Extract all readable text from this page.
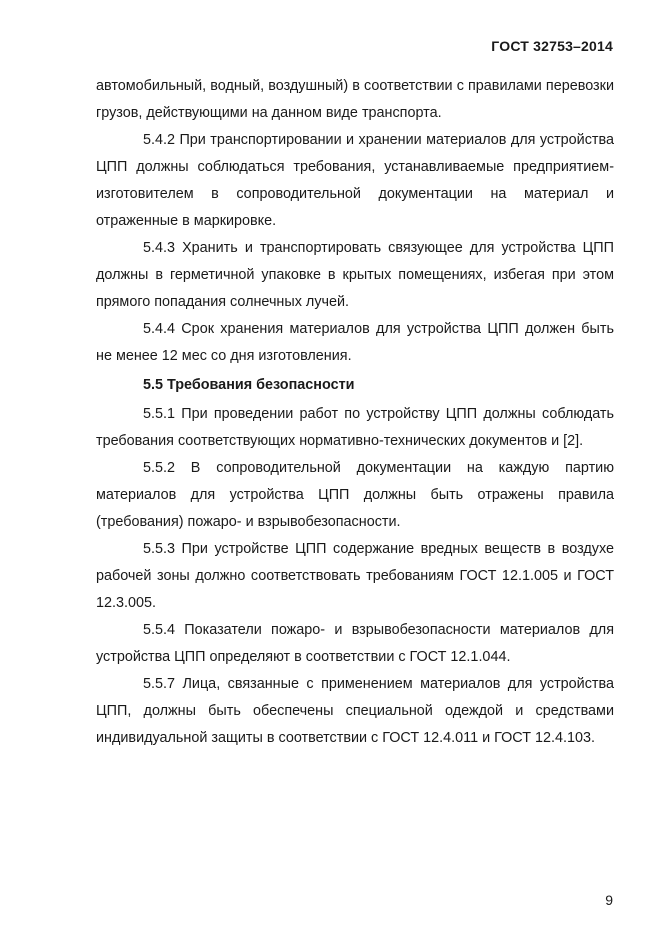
ГОСТ 32753–2014

автомобильный, водный, воздушный) в соответствии с правилами перевозки грузов, действующими на данном виде транспорта.

5.4.2 При транспортировании и хранении материалов для устройства ЦПП должны соблюдаться требования, устанавливаемые предприятием-изготовителем в сопроводительной документации на материал и отраженные в маркировке.

5.4.3 Хранить и транспортировать связующее для устройства ЦПП должны в герметичной упаковке в крытых помещениях, избегая при этом прямого попадания солнечных лучей.

5.4.4 Срок хранения материалов для устройства ЦПП должен быть не менее 12 мес со дня изготовления.

5.5 Требования безопасности

5.5.1 При проведении работ по устройству ЦПП должны соблюдать требования соответствующих нормативно-технических документов и [2].

5.5.2 В сопроводительной документации на каждую партию материалов для устройства ЦПП должны быть отражены правила (требования) пожаро- и взрывобезопасности.

5.5.3 При устройстве ЦПП содержание вредных веществ в воздухе рабочей зоны должно соответствовать требованиям ГОСТ 12.1.005 и ГОСТ 12.3.005.

5.5.4 Показатели пожаро- и взрывобезопасности материалов для устройства ЦПП определяют в соответствии с ГОСТ 12.1.044.

5.5.7 Лица, связанные с применением материалов для устройства ЦПП, должны быть обеспечены специальной одеждой и средствами индивидуальной защиты в соответствии с ГОСТ 12.4.011 и ГОСТ 12.4.103.

9
